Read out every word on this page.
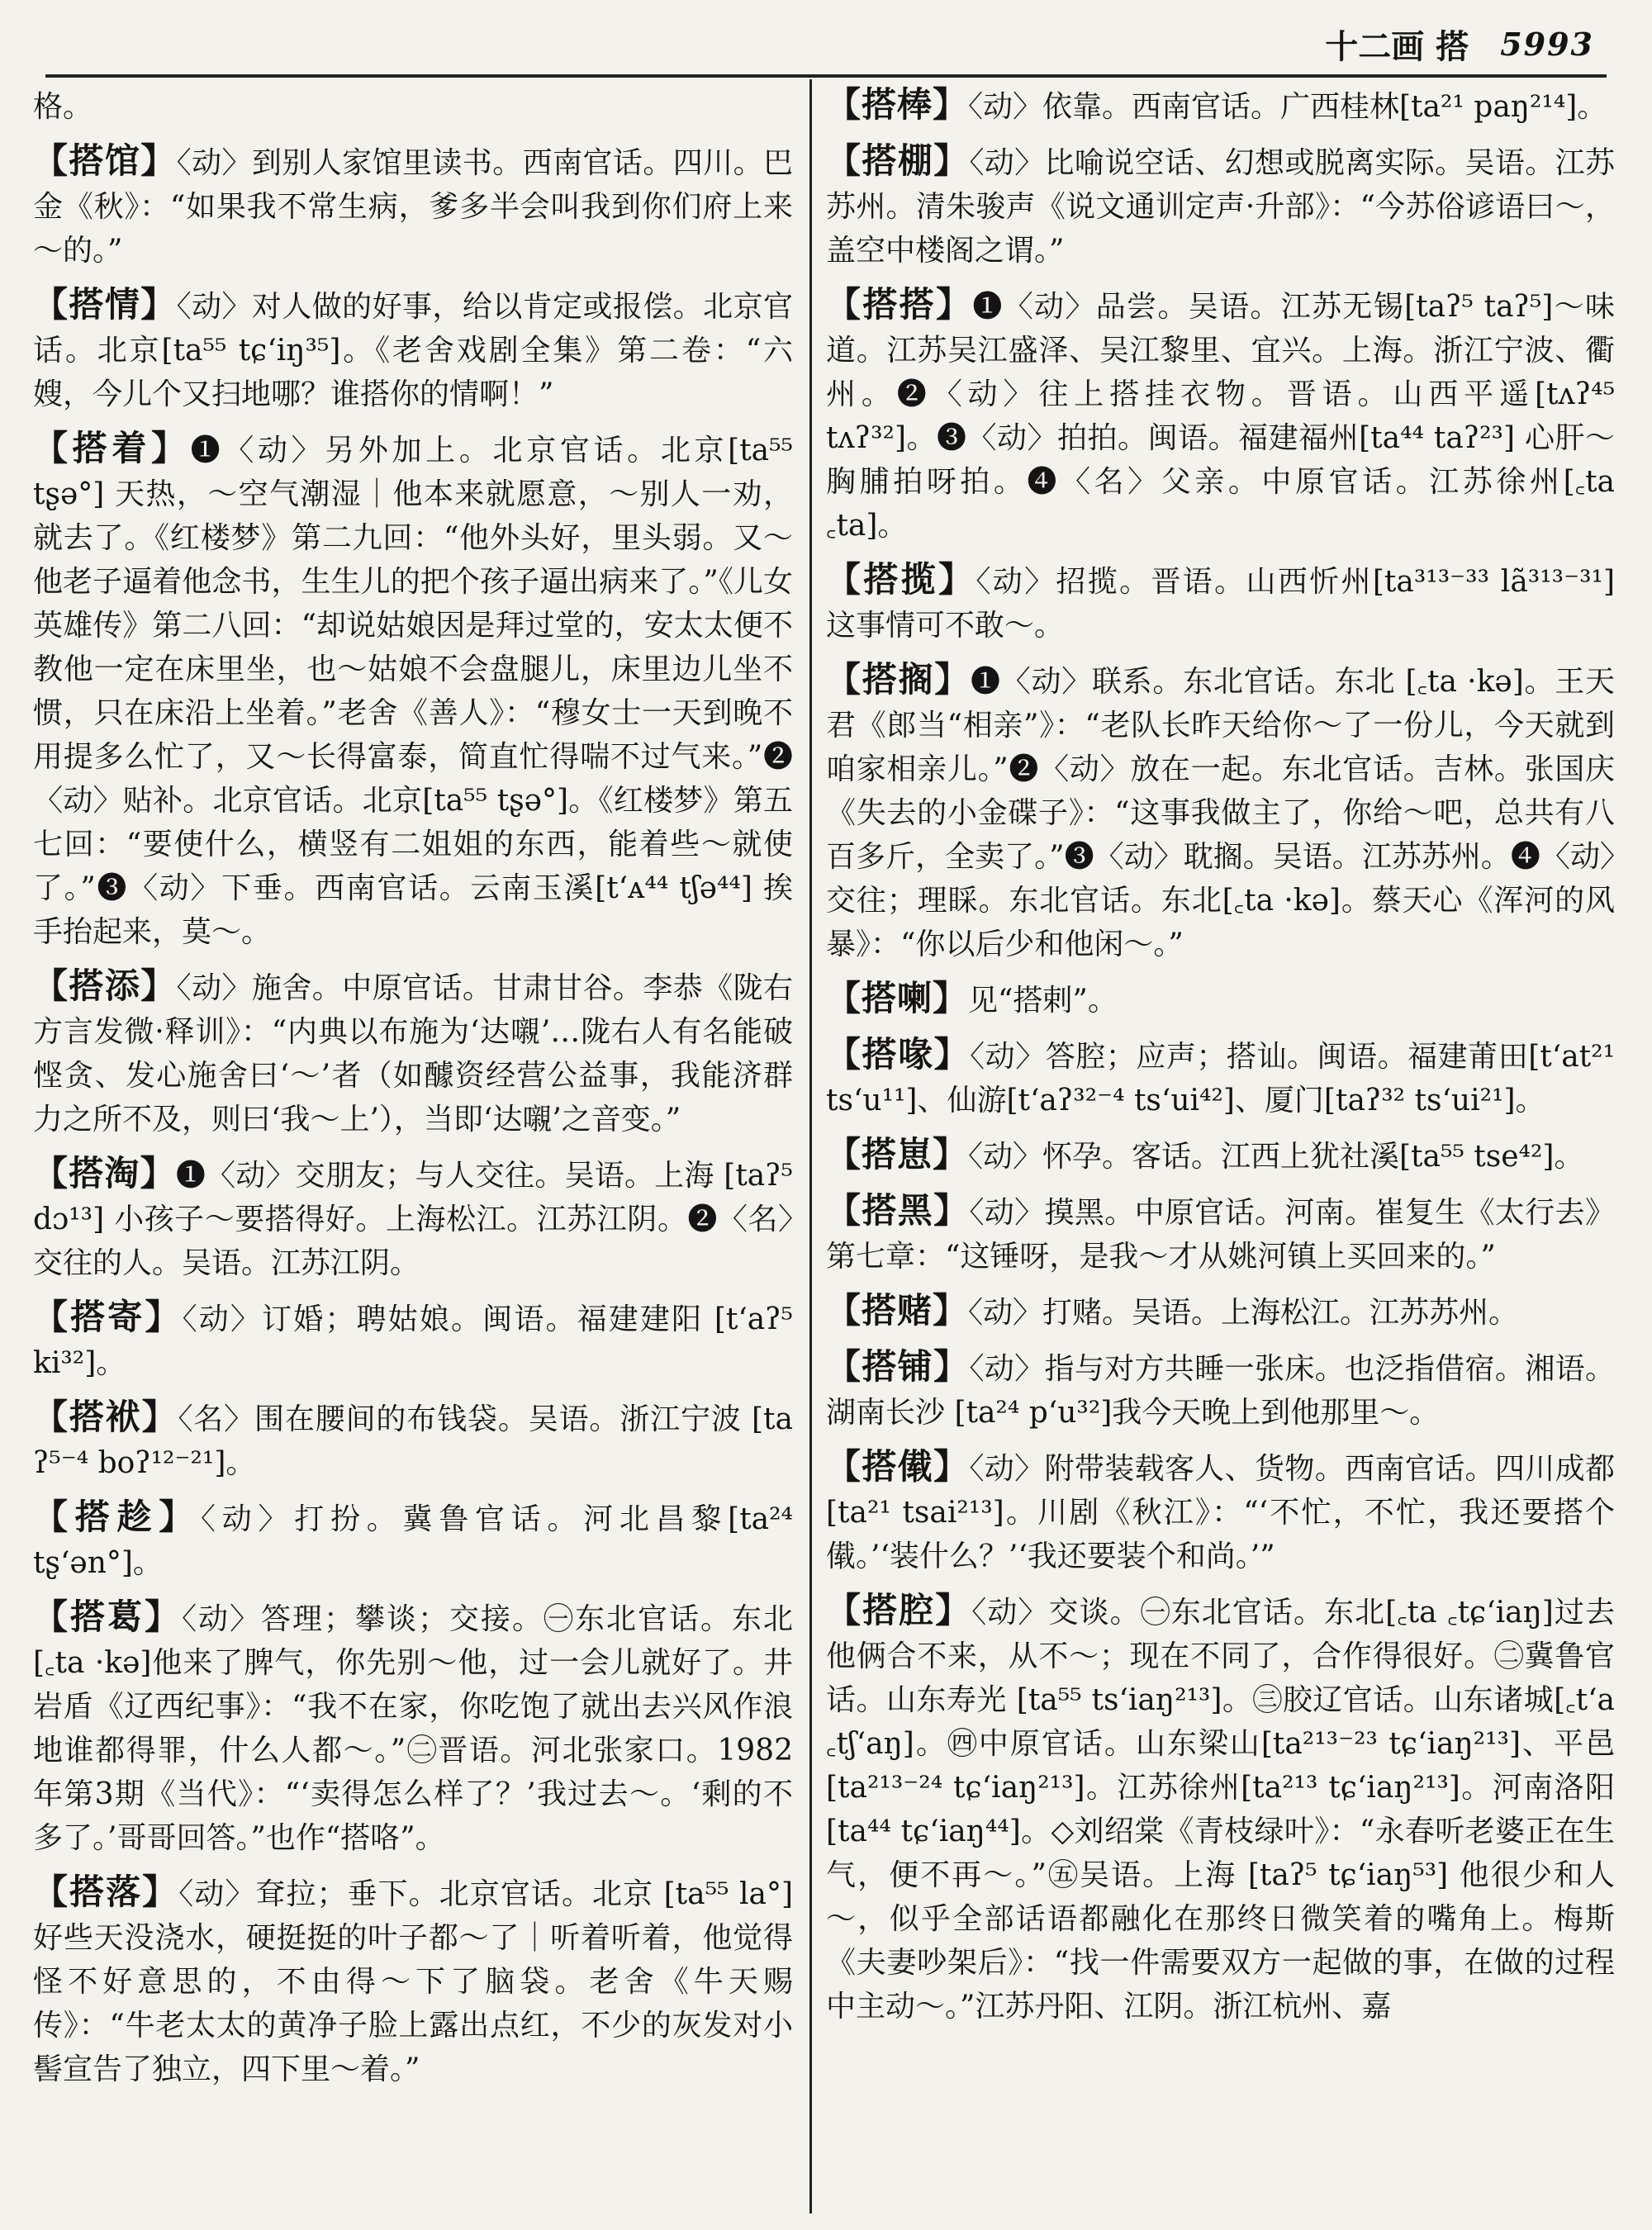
十二画 搭 5993

格。

【搭馆】〈动〉到别人家馆里读书。西南官话。四川。巴金《秋》：“如果我不常生病，爹多半会叫我到你们府上来～的。”

【搭情】〈动〉对人做的好事，给以肯定或报偿。北京官话。北京[ta⁵⁵ tɕʻiŋ³⁵]。《老舍戏剧全集》第二卷：“六嫂，今儿个又扫地哪？谁搭你的情啊！”

【搭着】❶〈动〉另外加上。北京官话。北京[ta⁵⁵ tʂə°] 天热，～空气潮湿｜他本来就愿意，～别人一劝，就去了。《红楼梦》第二九回：“他外头好，里头弱。又～他老子逼着他念书，生生儿的把个孩子逼出病来了。”《儿女英雄传》第二八回：“却说姑娘因是拜过堂的，安太太便不教他一定在床里坐，也～姑娘不会盘腿儿，床里边儿坐不惯，只在床沿上坐着。”老舍《善人》：“穆女士一天到晚不用提多么忙了，又～长得富泰，简直忙得喘不过气来。”❷〈动〉贴补。北京官话。北京[ta⁵⁵ tʂə°]。《红楼梦》第五七回：“要使什么，横竖有二姐姐的东西，能着些～就使了。”❸〈动〉下垂。西南官话。云南玉溪[tʻᴀ⁴⁴ tʃə⁴⁴] 挨手抬起来，莫～。

【搭添】〈动〉施舍。中原官话。甘肃甘谷。李恭《陇右方言发微·释训》：“内典以布施为‘达嚫’…陇右人有名能破悭贪、发心施舍曰‘～’者（如醵资经营公益事，我能济群力之所不及，则曰‘我～上’），当即‘达嚫’之音变。”

【搭淘】❶〈动〉交朋友；与人交往。吴语。上海 [taʔ⁵ dɔ¹³] 小孩子～要搭得好。上海松江。江苏江阴。❷〈名〉交往的人。吴语。江苏江阴。

【搭寄】〈动〉订婚；聘姑娘。闽语。福建建阳 [tʻaʔ⁵ ki³²]。

【搭袱】〈名〉围在腰间的布钱袋。吴语。浙江宁波 [ta ʔ⁵⁻⁴ boʔ¹²⁻²¹]。

【搭趁】〈动〉打扮。冀鲁官话。河北昌黎[ta²⁴ tʂʻən°]。

【搭葛】〈动〉答理；攀谈；交接。㊀东北官话。东北[꜀ta ·kə]他来了脾气，你先别～他，过一会儿就好了。井岩盾《辽西纪事》：“我不在家，你吃饱了就出去兴风作浪地谁都得罪，什么人都～。”㊁晋语。河北张家口。1982年第3期《当代》：“‘卖得怎么样了？’我过去～。‘剩的不多了。’哥哥回答。”也作“搭咯”。

【搭落】〈动〉耷拉；垂下。北京官话。北京 [ta⁵⁵ la°]好些天没浇水，硬挺挺的叶子都～了｜听着听着，他觉得怪不好意思的，不由得～下了脑袋。老舍《牛天赐传》：“牛老太太的黄净子脸上露出点红，不少的灰发对小髻宣告了独立，四下里～着。”

【搭棒】〈动〉依靠。西南官话。广西桂林[ta²¹ paŋ²¹⁴]。

【搭棚】〈动〉比喻说空话、幻想或脱离实际。吴语。江苏苏州。清朱骏声《说文通训定声·升部》：“今苏俗谚语曰～，盖空中楼阁之谓。”

【搭搭】❶〈动〉品尝。吴语。江苏无锡[taʔ⁵ taʔ⁵]～味道。江苏吴江盛泽、吴江黎里、宜兴。上海。浙江宁波、衢州。❷〈动〉往上搭挂衣物。晋语。山西平遥[tʌʔ⁴⁵ tʌʔ³²]。❸〈动〉拍拍。闽语。福建福州[ta⁴⁴ taʔ²³] 心肝～胸脯拍呀拍。❹〈名〉父亲。中原官话。江苏徐州[꜀ta ꜀ta]。

【搭揽】〈动〉招揽。晋语。山西忻州[ta³¹³⁻³³ lã³¹³⁻³¹] 这事情可不敢～。

【搭搁】❶〈动〉联系。东北官话。东北 [꜀ta ·kə]。王天君《郎当“相亲”》：“老队长昨天给你～了一份儿，今天就到咱家相亲儿。”❷〈动〉放在一起。东北官话。吉林。张国庆《失去的小金碟子》：“这事我做主了，你给～吧，总共有八百多斤，全卖了。”❸〈动〉耽搁。吴语。江苏苏州。❹〈动〉交往；理睬。东北官话。东北[꜀ta ·kə]。蔡天心《浑河的风暴》：“你以后少和他闲～。”

【搭喇】见“搭剌”。

【搭喙】〈动〉答腔；应声；搭讪。闽语。福建莆田[tʻat²¹ tsʻu¹¹]、仙游[tʻaʔ³²⁻⁴ tsʻui⁴²]、厦门[taʔ³² tsʻui²¹]。

【搭崽】〈动〉怀孕。客话。江西上犹社溪[ta⁵⁵ tse⁴²]。

【搭黑】〈动〉摸黑。中原官话。河南。崔复生《太行去》第七章：“这锤呀，是我～才从姚河镇上买回来的。”

【搭赌】〈动〉打赌。吴语。上海松江。江苏苏州。

【搭铺】〈动〉指与对方共睡一张床。也泛指借宿。湘语。湖南长沙 [ta²⁴ pʻu³²]我今天晚上到他那里～。

【搭傤】〈动〉附带装载客人、货物。西南官话。四川成都 [ta²¹ tsai²¹³]。川剧《秋江》：“‘不忙，不忙，我还要搭个傤。’‘装什么？’‘我还要装个和尚。’”

【搭腔】〈动〉交谈。㊀东北官话。东北[꜀ta ꜀tɕʻiaŋ]过去他俩合不来，从不～；现在不同了，合作得很好。㊁冀鲁官话。山东寿光 [ta⁵⁵ tsʻiaŋ²¹³]。㊂胶辽官话。山东诸城[꜀tʻa ꜀tʃʻaŋ]。㊃中原官话。山东梁山[ta²¹³⁻²³ tɕʻiaŋ²¹³]、平邑[ta²¹³⁻²⁴ tɕʻiaŋ²¹³]。江苏徐州[ta²¹³ tɕʻiaŋ²¹³]。河南洛阳[ta⁴⁴ tɕʻiaŋ⁴⁴]。◇刘绍棠《青枝绿叶》：“永春听老婆正在生气，便不再～。”㊄吴语。上海 [taʔ⁵ tɕʻiaŋ⁵³] 他很少和人～，似乎全部话语都融化在那终日微笑着的嘴角上。梅斯《夫妻吵架后》：“找一件需要双方一起做的事，在做的过程中主动～。”江苏丹阳、江阴。浙江杭州、嘉
